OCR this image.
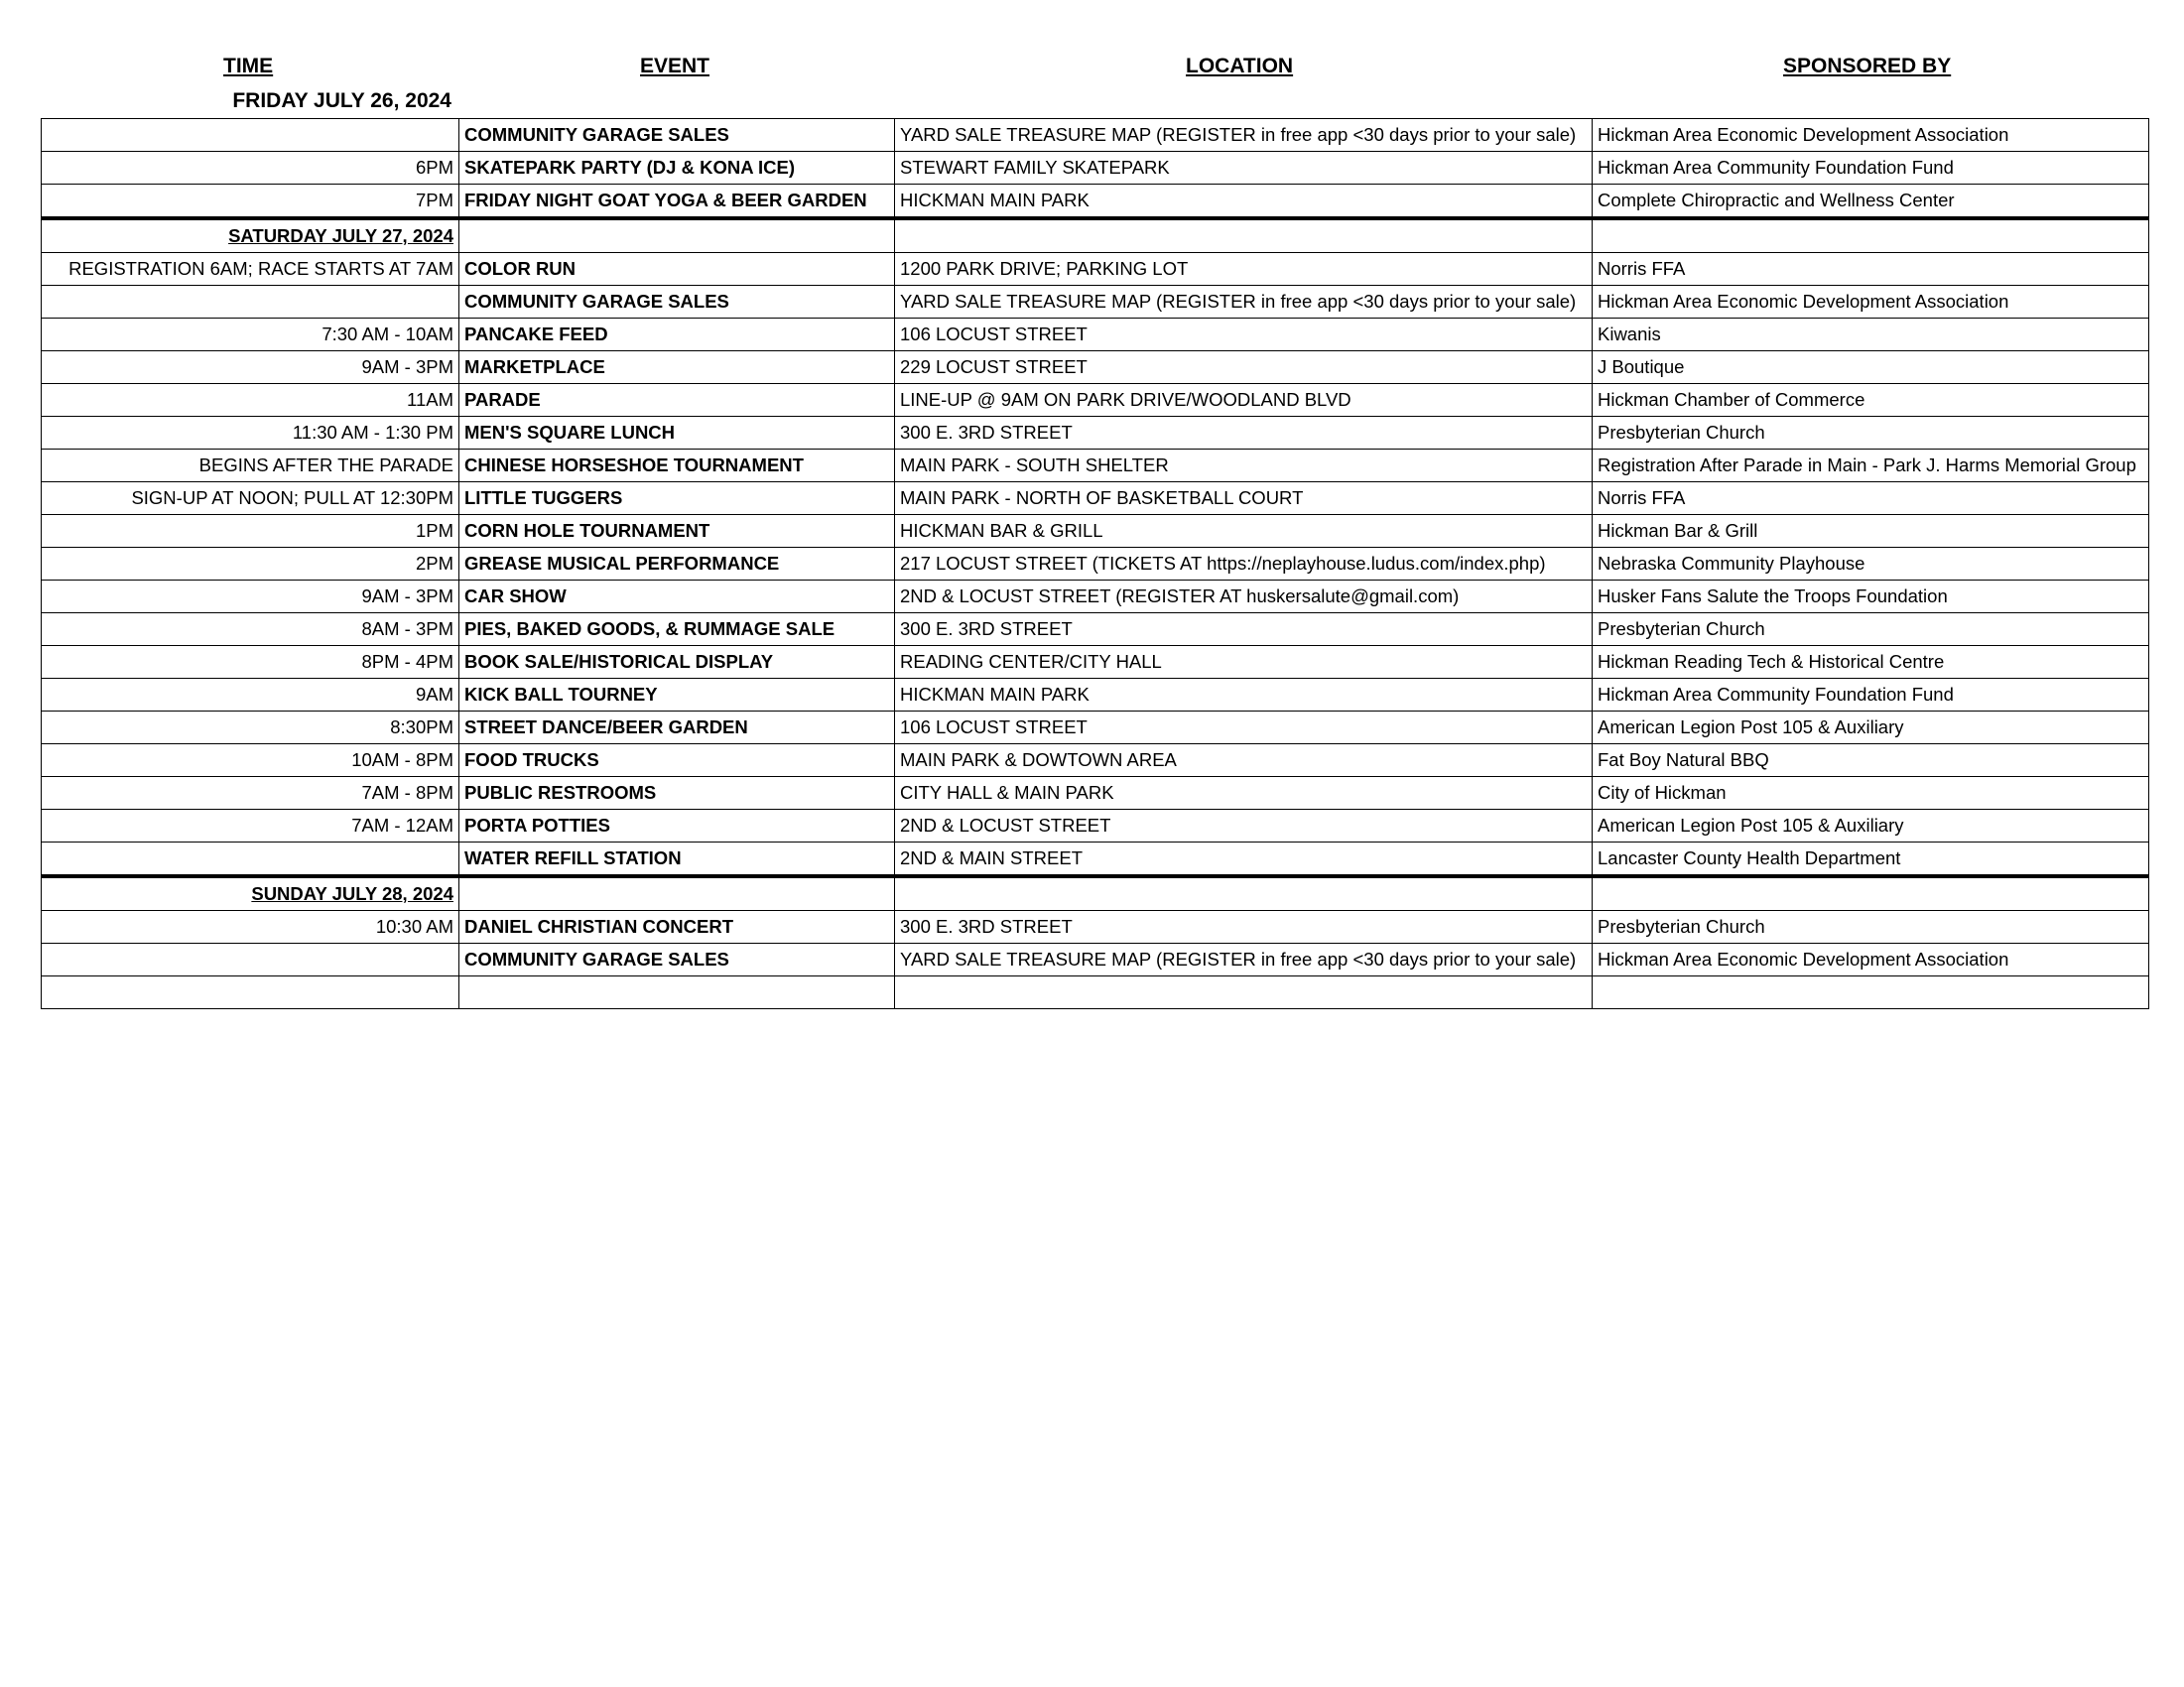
TIME	EVENT	LOCATION	SPONSORED BY
FRIDAY JULY 26, 2024
	COMMUNITY GARAGE SALES	YARD SALE TREASURE MAP (REGISTER in free app <30 days prior to your sale)	Hickman Area Economic Development Association
6PM	SKATEPARK PARTY (DJ & KONA ICE)	STEWART FAMILY SKATEPARK	Hickman Area Community Foundation Fund
7PM	FRIDAY NIGHT GOAT YOGA & BEER GARDEN	HICKMAN MAIN PARK	Complete Chiropractic and Wellness Center
SATURDAY JULY 27, 2024			
REGISTRATION 6AM; RACE STARTS AT 7AM	COLOR RUN	1200 PARK DRIVE; PARKING LOT	Norris FFA
	COMMUNITY GARAGE SALES	YARD SALE TREASURE MAP (REGISTER in free app <30 days prior to your sale)	Hickman Area Economic Development Association
7:30 AM - 10AM	PANCAKE FEED	106 LOCUST STREET	Kiwanis
9AM - 3PM	MARKETPLACE	229 LOCUST STREET	J Boutique
11AM	PARADE	LINE-UP @ 9AM ON PARK DRIVE/WOODLAND BLVD	Hickman Chamber of Commerce
11:30 AM - 1:30 PM	MEN'S SQUARE LUNCH	300 E. 3RD STREET	Presbyterian Church
BEGINS AFTER THE PARADE	CHINESE HORSESHOE TOURNAMENT	MAIN PARK - SOUTH SHELTER	Registration After Parade in Main - Park J. Harms Memorial Group
SIGN-UP AT NOON; PULL AT 12:30PM	LITTLE TUGGERS	MAIN PARK - NORTH OF BASKETBALL COURT	Norris FFA
1PM	CORN HOLE TOURNAMENT	HICKMAN BAR & GRILL	Hickman Bar & Grill
2PM	GREASE MUSICAL PERFORMANCE	217 LOCUST STREET (TICKETS AT https://neplayhouse.ludus.com/index.php)	Nebraska Community Playhouse
9AM - 3PM	CAR SHOW	2ND & LOCUST STREET (REGISTER AT huskersalute@gmail.com)	Husker Fans Salute the Troops Foundation
8AM - 3PM	PIES, BAKED GOODS, & RUMMAGE SALE	300 E. 3RD STREET	Presbyterian Church
8PM - 4PM	BOOK SALE/HISTORICAL DISPLAY	READING CENTER/CITY HALL	Hickman Reading Tech & Historical Centre
9AM	KICK BALL TOURNEY	HICKMAN MAIN PARK	Hickman Area Community Foundation Fund
8:30PM	STREET DANCE/BEER GARDEN	106 LOCUST STREET	American Legion Post 105 & Auxiliary
10AM - 8PM	FOOD TRUCKS	MAIN PARK & DOWTOWN AREA	Fat Boy Natural BBQ
7AM - 8PM	PUBLIC RESTROOMS	CITY HALL & MAIN PARK	City of Hickman
7AM - 12AM	PORTA POTTIES	2ND & LOCUST STREET	American Legion Post 105 & Auxiliary
	WATER REFILL STATION	2ND & MAIN STREET	Lancaster County Health Department
SUNDAY JULY 28, 2024			
10:30 AM	DANIEL CHRISTIAN CONCERT	300 E. 3RD STREET	Presbyterian Church
	COMMUNITY GARAGE SALES	YARD SALE TREASURE MAP (REGISTER in free app <30 days prior to your sale)	Hickman Area Economic Development Association
